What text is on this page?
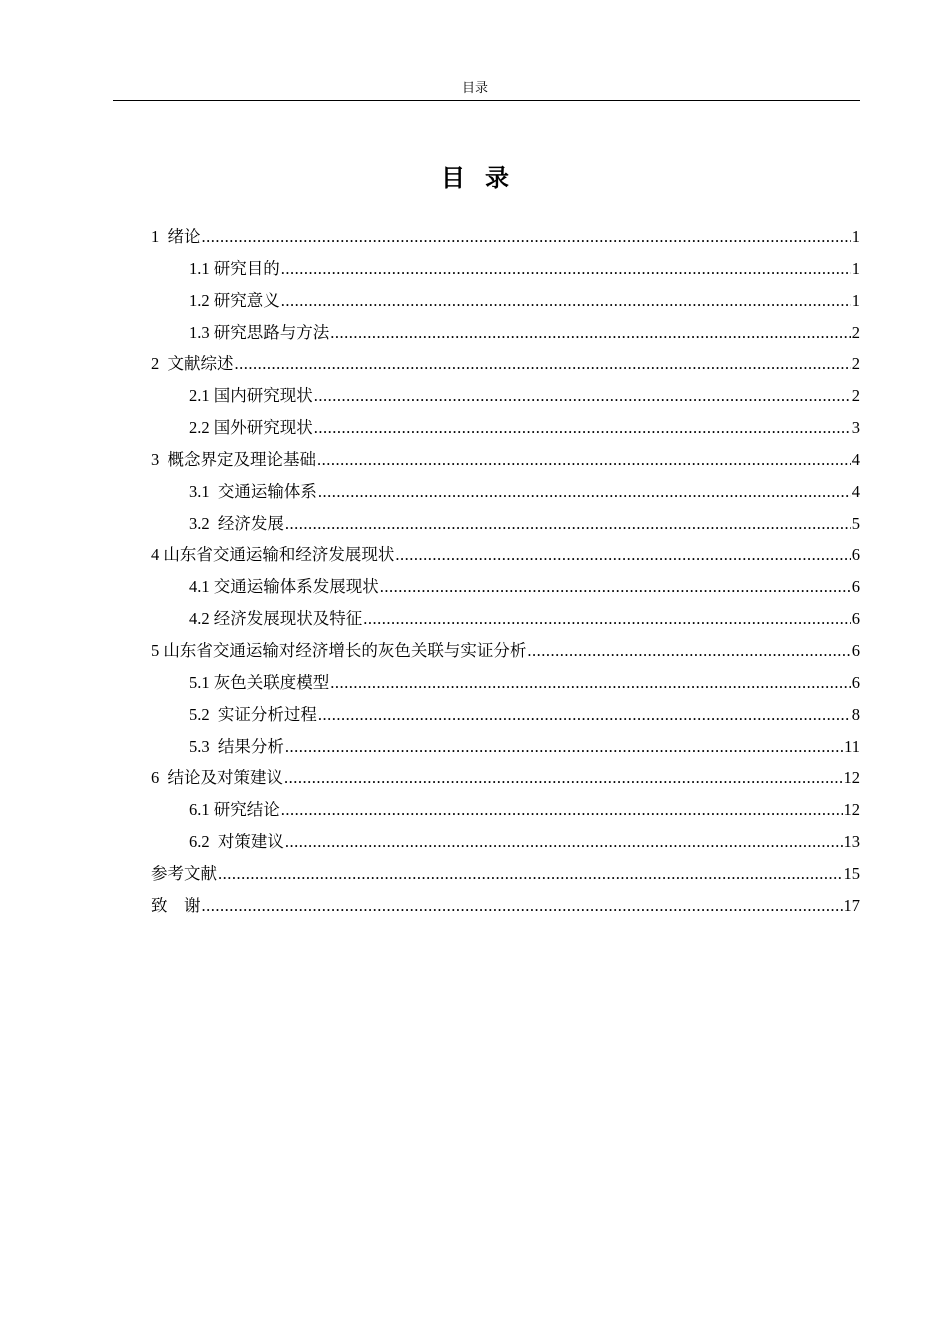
目录
目录
1  绪论 .....	1
1.1 研究目的 .....	1
1.2 研究意义 .....	1
1.3 研究思路与方法 .....	2
2  文献综述 .....	2
2.1 国内研究现状 .....	2
2.2 国外研究现状 .....	3
3  概念界定及理论基础 .....	4
3.1  交通运输体系 .....	4
3.2  经济发展 .....	5
4 山东省交通运输和经济发展现状 .....	6
4.1 交通运输体系发展现状 .....	6
4.2 经济发展现状及特征 .....	6
5 山东省交通运输对经济增长的灰色关联与实证分析 .....	6
5.1 灰色关联度模型 .....	6
5.2  实证分析过程 .....	8
5.3  结果分析 .....	11
6  结论及对策建议 .....	12
6.1 研究结论 .....	12
6.2  对策建议 .....	13
参考文献 .....	15
致    谢 .....	17
